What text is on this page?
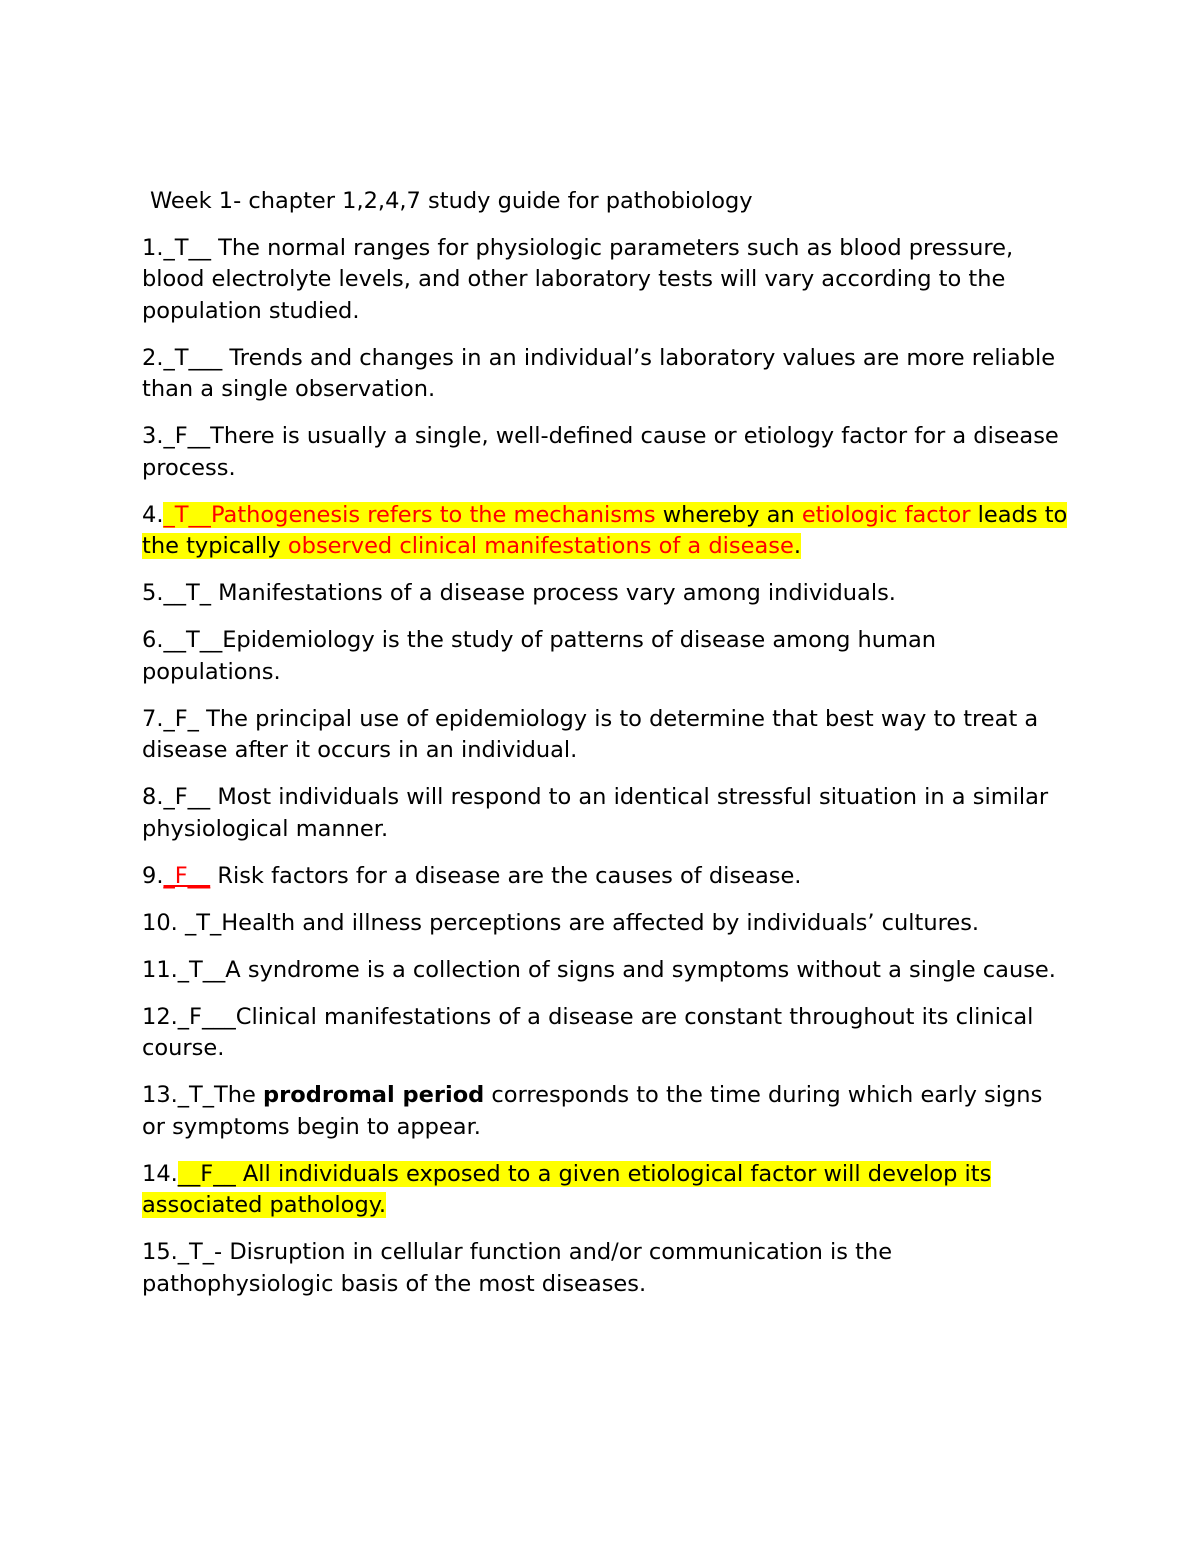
Week 1- chapter 1,2,4,7 study guide for pathobiology

1._T__ The normal ranges for physiologic parameters such as blood pressure, blood electrolyte levels, and other laboratory tests will vary according to the population studied.

2._T___ Trends and changes in an individual’s laboratory values are more reliable than a single observation.

3._F__There is usually a single, well-defined cause or etiology factor for a disease process.

4._T__Pathogenesis refers to the mechanisms whereby an etiologic factor leads to the typically observed clinical manifestations of a disease.

5.__T_ Manifestations of a disease process vary among individuals.

6.__T__Epidemiology is the study of patterns of disease among human populations.

7._F_ The principal use of epidemiology is to determine that best way to treat a disease after it occurs in an individual.

8._F__ Most individuals will respond to an identical stressful situation in a similar physiological manner.

9._F__ Risk factors for a disease are the causes of disease.

10. _T_Health and illness perceptions are affected by individuals’ cultures.

11._T__A syndrome is a collection of signs and symptoms without a single cause.

12._F___Clinical manifestations of a disease are constant throughout its clinical course.

13._T_The prodromal period corresponds to the time during which early signs or symptoms begin to appear.

14.__F__ All individuals exposed to a given etiological factor will develop its associated pathology.

15._T_- Disruption in cellular function and/or communication is the pathophysiologic basis of the most diseases.
